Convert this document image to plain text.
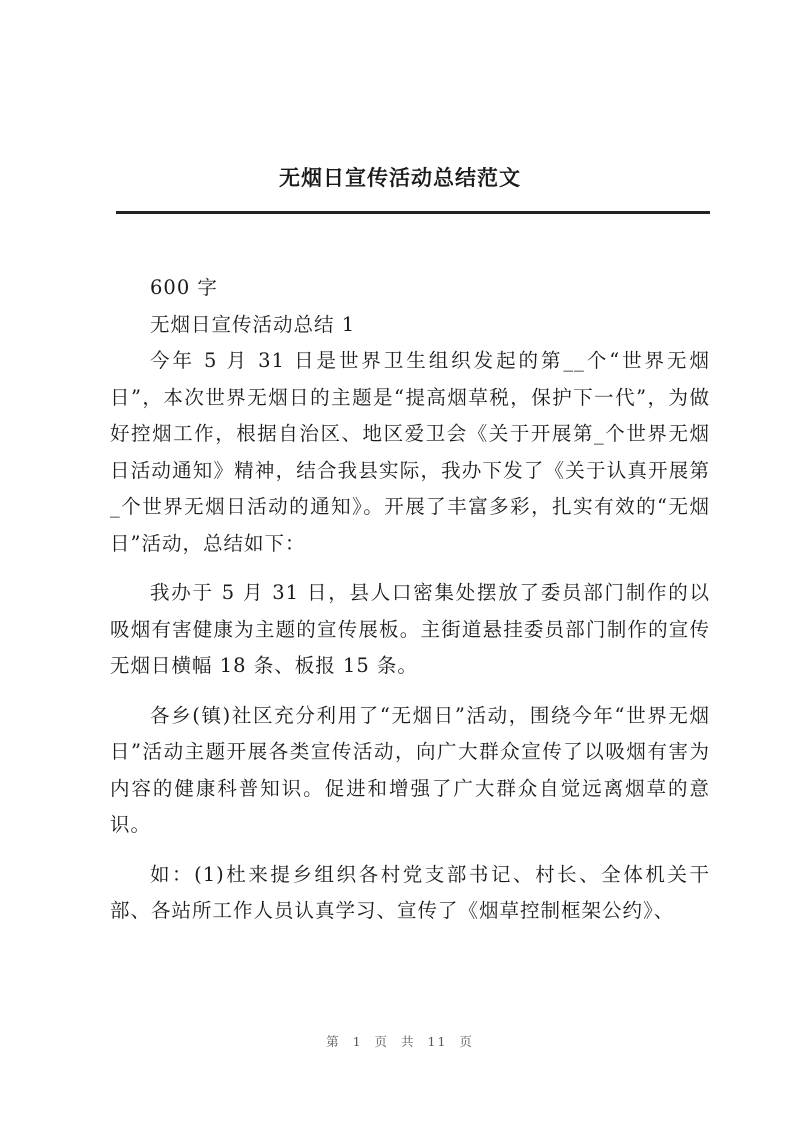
无烟日宣传活动总结范文

600 字

无烟日宣传活动总结 1

今年 5 月 31 日是世界卫生组织发起的第__个“世界无烟日”，本次世界无烟日的主题是“提高烟草税，保护下一代”，为做好控烟工作，根据自治区、地区爱卫会《关于开展第_个世界无烟日活动通知》精神，结合我县实际，我办下发了《关于认真开展第_个世界无烟日活动的通知》。开展了丰富多彩，扎实有效的“无烟日”活动，总结如下：

我办于 5 月 31 日，县人口密集处摆放了委员部门制作的以吸烟有害健康为主题的宣传展板。主街道悬挂委员部门制作的宣传无烟日横幅 18 条、板报 15 条。

各乡(镇)社区充分利用了“无烟日”活动，围绕今年“世界无烟日”活动主题开展各类宣传活动，向广大群众宣传了以吸烟有害为内容的健康科普知识。促进和增强了广大群众自觉远离烟草的意识。

如：(1)杜来提乡组织各村党支部书记、村长、全体机关干部、各站所工作人员认真学习、宣传了《烟草控制框架公约》、

第 1 页 共 11 页
